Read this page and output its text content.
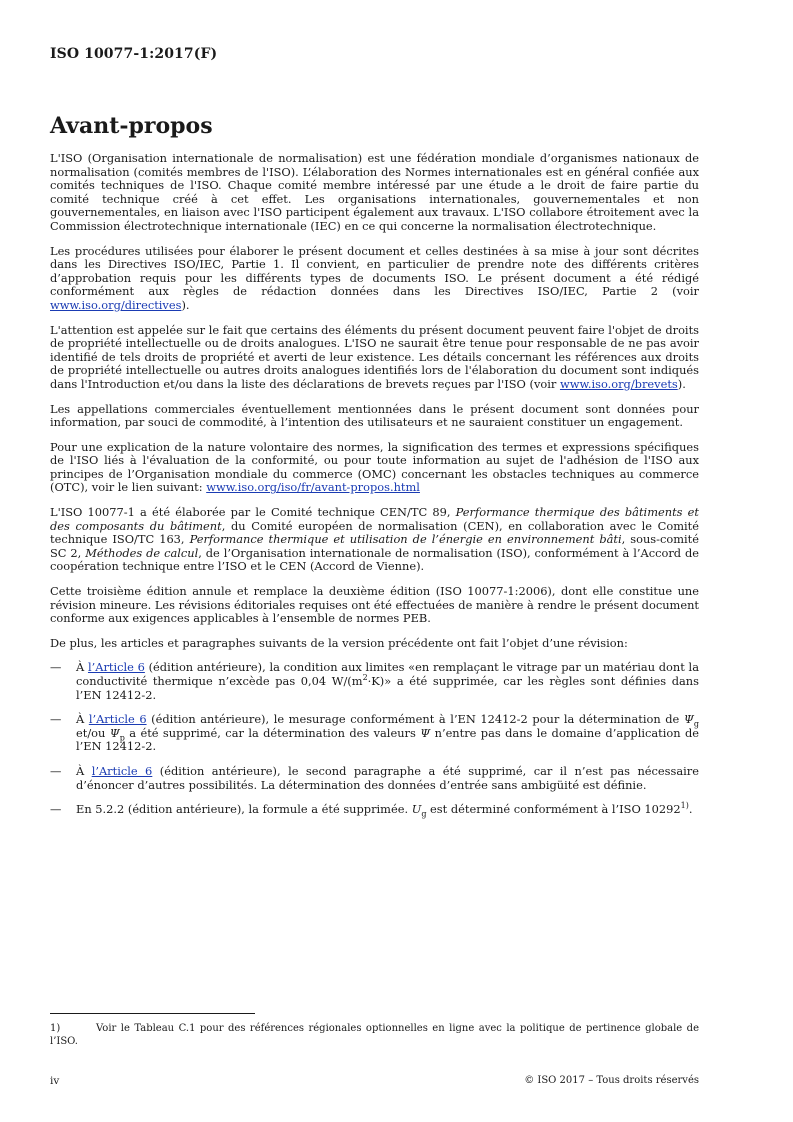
ISO 10077-1:2017(F)
Avant-propos

L'ISO (Organisation internationale de normalisation) est une fédération mondiale d’organismes nationaux de normalisation (comités membres de l'ISO). L’élaboration des Normes internationales est en général confiée aux comités techniques de l'ISO. Chaque comité membre intéressé par une étude a le droit de faire partie du comité technique créé à cet effet. Les organisations internationales, gouvernementales et non gouvernementales, en liaison avec l'ISO participent également aux travaux. L'ISO collabore étroitement avec la Commission électrotechnique internationale (IEC) en ce qui concerne la normalisation électrotechnique.

Les procédures utilisées pour élaborer le présent document et celles destinées à sa mise à jour sont décrites dans les Directives ISO/IEC, Partie 1. Il convient, en particulier de prendre note des différents critères d’approbation requis pour les différents types de documents ISO. Le présent document a été rédigé conformément aux règles de rédaction données dans les Directives ISO/IEC, Partie 2 (voir www.iso.org/directives).

L'attention est appelée sur le fait que certains des éléments du présent document peuvent faire l'objet de droits de propriété intellectuelle ou de droits analogues. L'ISO ne saurait être tenue pour responsable de ne pas avoir identifié de tels droits de propriété et averti de leur existence. Les détails concernant les références aux droits de propriété intellectuelle ou autres droits analogues identifiés lors de l'élaboration du document sont indiqués dans l'Introduction et/ou dans la liste des déclarations de brevets reçues par l'ISO (voir www.iso.org/brevets).

Les appellations commerciales éventuellement mentionnées dans le présent document sont données pour information, par souci de commodité, à l’intention des utilisateurs et ne sauraient constituer un engagement.

Pour une explication de la nature volontaire des normes, la signification des termes et expressions spécifiques de l'ISO liés à l'évaluation de la conformité, ou pour toute information au sujet de l'adhésion de l'ISO aux principes de l’Organisation mondiale du commerce (OMC) concernant les obstacles techniques au commerce (OTC), voir le lien suivant: www.iso.org/iso/fr/avant-propos.html

L'ISO 10077-1 a été élaborée par le Comité technique CEN/TC 89, Performance thermique des bâtiments et des composants du bâtiment, du Comité européen de normalisation (CEN), en collaboration avec le Comité technique ISO/TC 163, Performance thermique et utilisation de l’énergie en environnement bâti, sous-comité SC 2, Méthodes de calcul, de l’Organisation internationale de normalisation (ISO), conformément à l’Accord de coopération technique entre l’ISO et le CEN (Accord de Vienne).

Cette troisième édition annule et remplace la deuxième édition (ISO 10077-1:2006), dont elle constitue une révision mineure. Les révisions éditoriales requises ont été effectuées de manière à rendre le présent document conforme aux exigences applicables à l’ensemble de normes PEB.

De plus, les articles et paragraphes suivants de la version précédente ont fait l’objet d’une révision:

—	À l’Article 6 (édition antérieure), la condition aux limites «en remplaçant le vitrage par un matériau dont la conductivité thermique n’excède pas 0,04 $W/(m^2\cdot K)$» a été supprimée, car les règles sont définies dans l’EN 12412-2.
—	À l’Article 6 (édition antérieure), le mesurage conformément à l’EN 12412-2 pour la détermination de $\Psi_g$ et/ou $\Psi_p$ a été supprimé, car la détermination des valeurs Ψ n’entre pas dans le domaine d’application de l’EN 12412-2.
—	À l’Article 6 (édition antérieure), le second paragraphe a été supprimé, car il n’est pas nécessaire d’énoncer d’autres possibilités. La détermination des données d’entrée sans ambigüité est définie.
—	En 5.2.2 (édition antérieure), la formule a été supprimée. $U_g$ est déterminé conformément à l’ISO 10292$^{1)}$.
1)	Voir le Tableau C.1 pour des références régionales optionnelles en ligne avec la politique de pertinence globale de l’ISO.
iv	© ISO 2017 – Tous droits réservés
